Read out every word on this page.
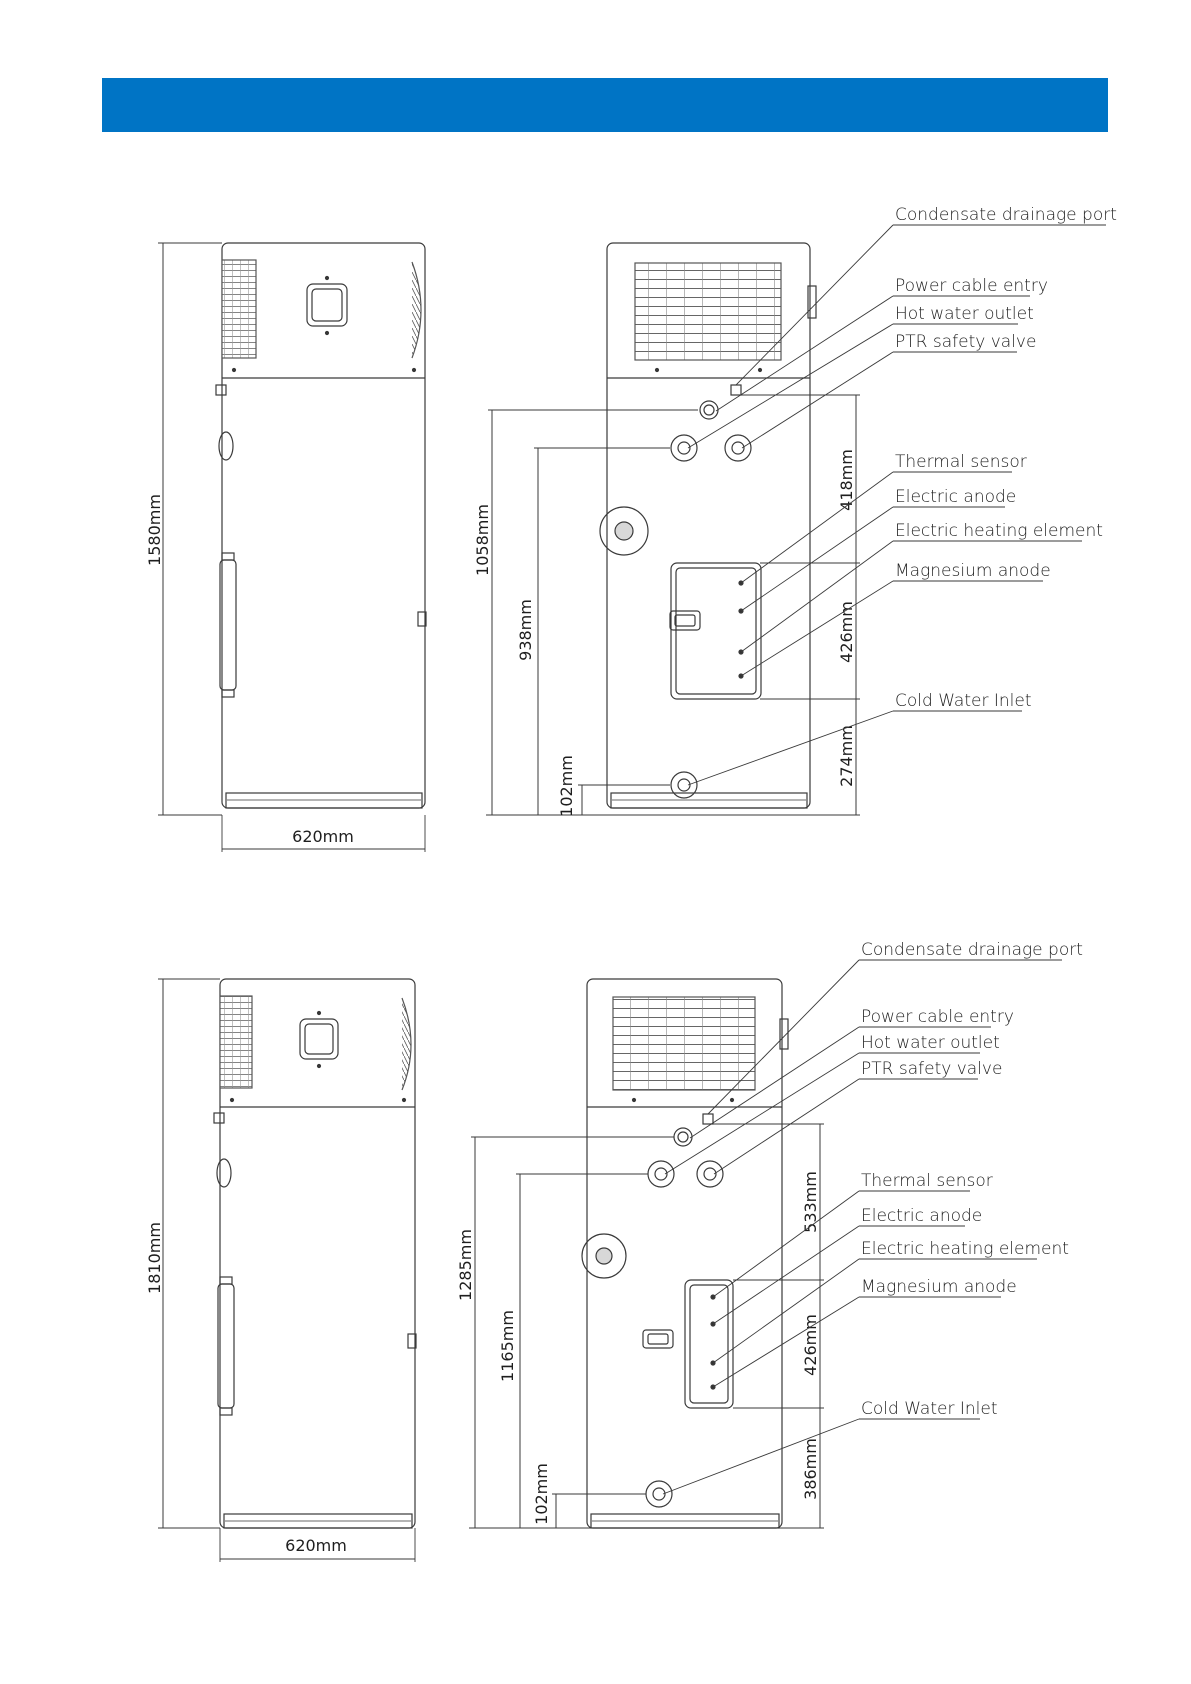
1580mm
620mm
1058mm
938mm
102mm
418mm
426mm
274mm
Condensate drainage port
Power cable entry
Hot water outlet
PTR safety valve
Thermal sensor
Electric anode
Electric heating element
Magnesium anode
Cold Water Inlet
1810mm
620mm
1285mm
1165mm
102mm
533mm
426mm
386mm
Condensate drainage port
Power cable entry
Hot water outlet
PTR safety valve
Thermal sensor
Electric anode
Electric heating element
Magnesium anode
Cold Water Inlet
